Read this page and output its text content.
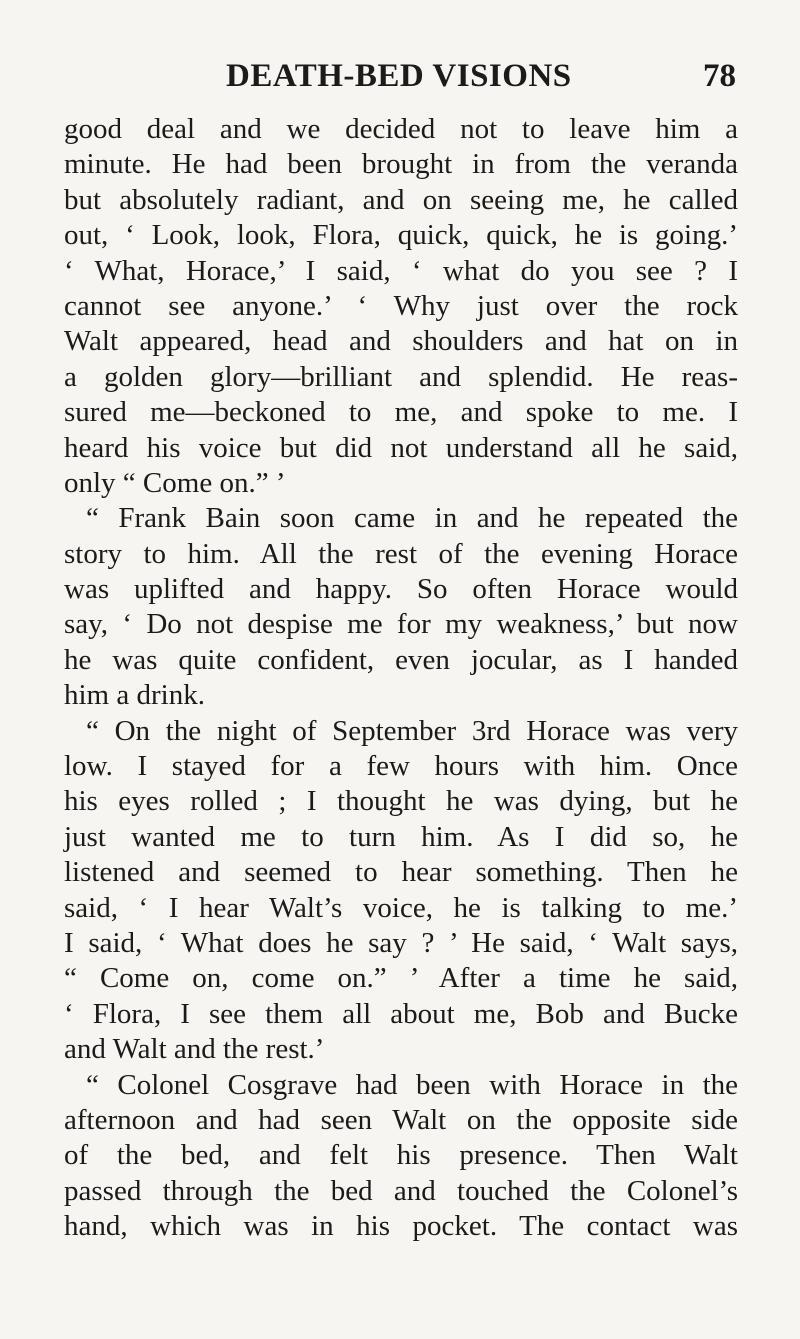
DEATH-BED VISIONS	78
good deal and we decided not to leave him a
minute. He had been brought in from the veranda
but absolutely radiant, and on seeing me, he called
out, ‘ Look, look, Flora, quick, quick, he is going.’
‘ What, Horace,’ I said, ‘ what do you see ? I
cannot see anyone.’ ‘ Why just over the rock
Walt appeared, head and shoulders and hat on in
a golden glory—brilliant and splendid. He reas-
sured me—beckoned to me, and spoke to me. I
heard his voice but did not understand all he said,
only “ Come on.” ’
“ Frank Bain soon came in and he repeated the
story to him. All the rest of the evening Horace
was uplifted and happy. So often Horace would
say, ‘ Do not despise me for my weakness,’ but now
he was quite confident, even jocular, as I handed
him a drink.
“ On the night of September 3rd Horace was very
low. I stayed for a few hours with him. Once
his eyes rolled ; I thought he was dying, but he
just wanted me to turn him. As I did so, he
listened and seemed to hear something. Then he
said, ‘ I hear Walt’s voice, he is talking to me.’
I said, ‘ What does he say ? ’ He said, ‘ Walt says,
“ Come on, come on.” ’ After a time he said,
‘ Flora, I see them all about me, Bob and Bucke
and Walt and the rest.’
“ Colonel Cosgrave had been with Horace in the
afternoon and had seen Walt on the opposite side
of the bed, and felt his presence. Then Walt
passed through the bed and touched the Colonel’s
hand, which was in his pocket. The contact was
